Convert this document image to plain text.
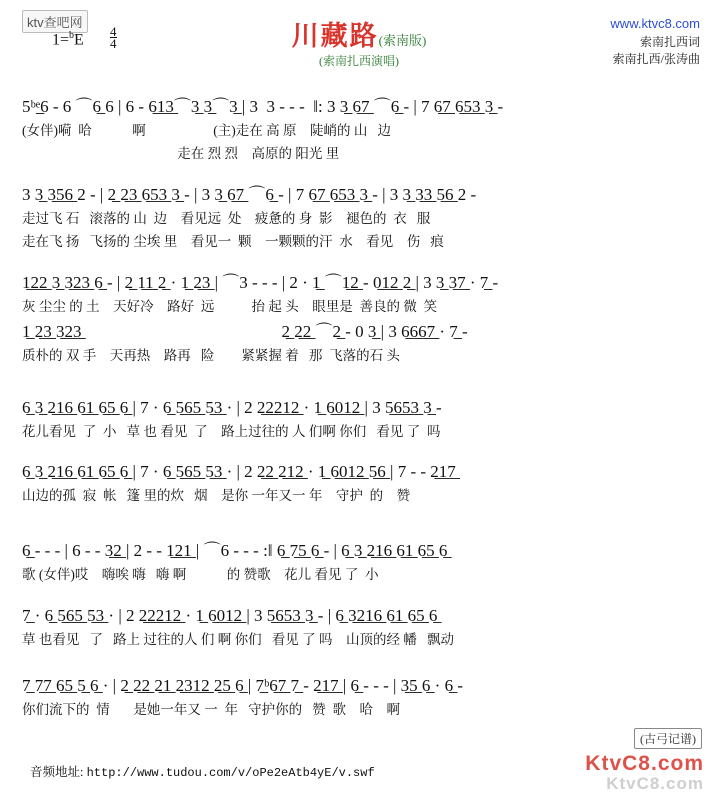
ktv查吧网
$1=^bE \frac{4}{4}$	川藏路(索南版)
(索南扎西演唱)
www.ktvc8.com
索南扎西词
索南扎西/张涛曲
5ᵇᵉ̲6 - 6 ⌒6̲ 6 | 6 - 6̲1̲3̲⌒3̲ 3̲⌒3̲ | 3  3 - - -  ‖: 3 3̲ 6̲7̲ ⌒6̲ - | 7 6̲7̲ 6̲5̲3̲ 3̲ -
(女伴)嗬  哈            啊                    (主)走在 高 原    陡峭的 山   边
走在 烈 烈    高原的 阳光 里
3 3̲ 3̲5̲6̲ 2 - | 2̲ 2̲3̲ 6̲5̲3̲ 3̲ - | 3 3̲ 6̲7̲ ⌒6̲ - | 7 6̲7̲ 6̲5̲3̲ 3̲ - | 3 3̲ 3̲3̲ 5̲6̲ 2 -
走过飞 石   滚落的 山  边    看见远  处    疲惫的 身  影    褪色的  衣   服
走在飞 扬   飞扬的 尘埃 里    看见一  颗    一颗颗的汗  水    看见    伤   痕
1̲2̲2̲ 3̲ 3̲2̲3̲ 6̲ - | 2̲ 1̲1̲ 2̲ · 1̲ 2̲3̲ | ⌒3 - - - | 2 · 1̲ ⌒1̲2̲ - 0̲1̲2̲ 2̲ | 3 3̲ 3̲7̲ · 7̲ -
灰 尘尘 的 土    天好冷    路好  远           抬 起 头    眼里是  善良的 微  笑
1̲ 2̲3̲ 3̲2̲3̲	2̲ 2̲2̲ ⌒2̲ - 0 3̲ | 3 6̲6̲6̲7̲ · 7̲ -
质朴的 双 手    天再热    路再   险        紧紧握 着   那  飞落的石 头
6̲ 3̲ 2̲1̲6̲ 6̲1̲ 6̲5̲ 6̲ | 7 · 6̲ 5̲6̲5̲ 5̲3̲ · | 2 2̲2̲2̲1̲2̲ · 1̲ 6̲0̲1̲2̲ | 3 5̲6̲5̲3̲ 3̲ -
花儿看见  了  小   草 也 看见  了    路上过往的 人 们啊 你们   看见 了  吗
6̲ 3̲ 2̲1̲6̲ 6̲1̲ 6̲5̲ 6̲ | 7 · 6̲ 5̲6̲5̲ 5̲3̲ · | 2 2̲2̲ 2̲1̲2̲ · 1̲ 6̲0̲1̲2̲ 5̲6̲ | 7 - - 2̲1̲7̲
山边的孤  寂  帐   篷 里的炊   烟    是你 一年又一 年    守护  的    赞
6̲ - - - | 6 - - 3̲2̲ | 2 - - 1̲2̲1̲ | ⌒6 - - - :‖ 6̲ 7̲5̲ 6̲ - | 6̲ 3̲ 2̲1̲6̲ 6̲1̲ 6̲5̲ 6̲
歌 (女伴)哎    嗨唉 嗨   嗨 啊            的 赞歌    花儿 看见 了  小
7̲ · 6̲ 5̲6̲5̲ 5̲3̲ · | 2 2̲2̲2̲1̲2̲ · 1̲ 6̲0̲1̲2̲ | 3 5̲6̲5̲3̲ 3̲ - | 6̲ 3̲2̲1̲6̲ 6̲1̲ 6̲5̲ 6̲
草 也看见   了   路上 过往的人 们 啊 你们   看见 了 吗    山顶的经 幡   飘动
7̲ 7̲7̲ 6̲5̲ 5̲ 6̲ · | 2̲ 2̲2̲ 2̲1̲ 2̲3̲1̲2̲ 2̲5̲ 6̲ | 7̲ᵇ6̲7̲ 7̲ - 2̲1̲7̲ | 6̲ - - - | 3̲5̲ 6̲ · 6̲ -
你们流下的  情       是她一年又 一  年   守护你的   赞  歌    哈    啊
(古弓记谱)
音频地址: http://www.tudou.com/v/oPe2eAtb4yE/v.swf	KtvC8.com
KtvC8.com
